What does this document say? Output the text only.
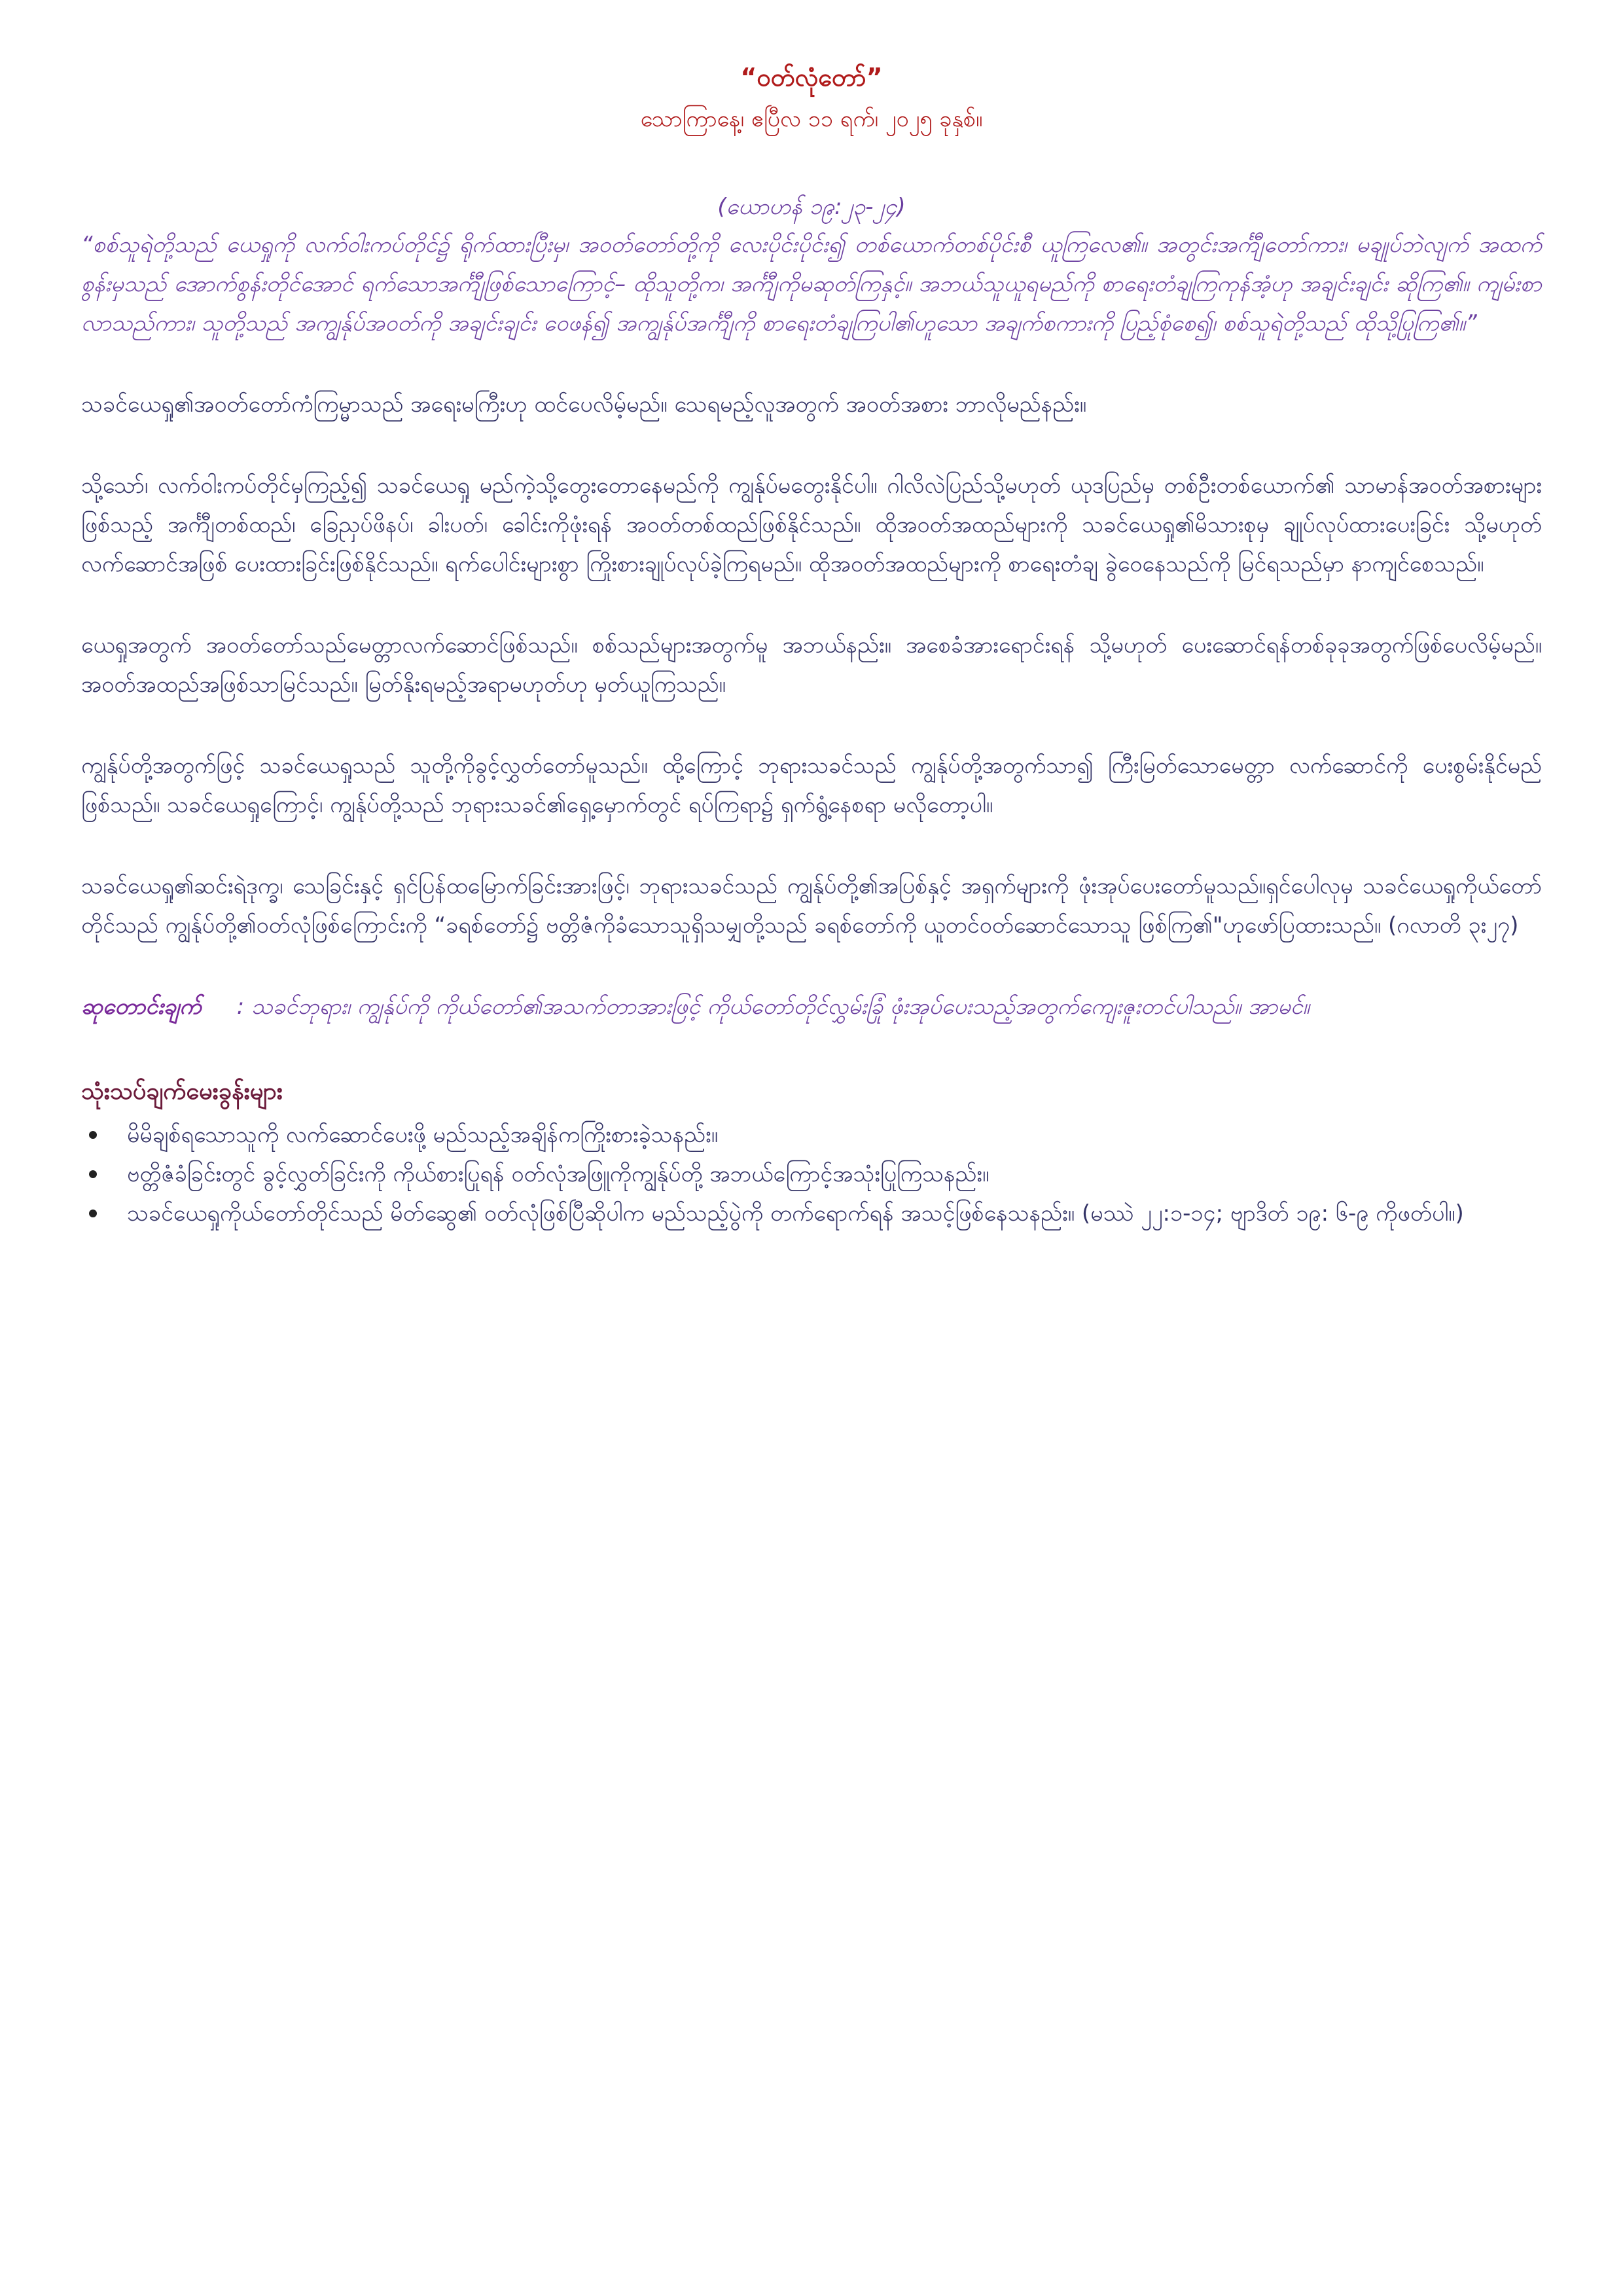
“ဝတ်လုံတော်”

သောကြာနေ့၊ ဧပြီလ ၁၁ ရက်၊ ၂၀၂၅ ခုနှစ်။

(ယောဟန် ၁၉:၂၃-၂၄)

“စစ်သူရဲတို့သည် ယေရှုကို လက်ဝါးကပ်တိုင်၌ ရိုက်ထားပြီးမှ၊ အဝတ်တော်တို့ကို လေးပိုင်းပိုင်း၍ တစ်ယောက်တစ်ပိုင်းစီ ယူကြလေ၏။ အတွင်းအင်္ကျီတော်ကား၊ မချုပ်ဘဲလျက် အထက်စွန်းမှသည် အောက်စွန်းတိုင်အောင် ရက်သောအင်္ကျီဖြစ်သောကြောင့်– ထိုသူတို့က၊ အင်္ကျီကိုမဆုတ်ကြနှင့်။ အဘယ်သူယူရမည်ကို စာရေးတံချကြကုန်အံ့ဟု အချင်းချင်း ဆိုကြ၏။ ကျမ်းစာလာသည်ကား၊ သူတို့သည် အကျွန်ုပ်အဝတ်ကို အချင်းချင်း ဝေဖန်၍ အကျွန်ုပ်အင်္ကျီကို စာရေးတံချကြပါ၏ဟူသော အချက်စကားကို ပြည့်စုံစေ၍၊ စစ်သူရဲတို့သည် ထိုသို့ပြုကြ၏။”

သခင်ယေရှု၏အဝတ်တော်ကံကြမ္မာသည် အရေးမကြီးဟု ထင်ပေလိမ့်မည်။ သေရမည့်လူအတွက် အဝတ်အစား ဘာလိုမည်နည်း။

သို့သော်၊ လက်ဝါးကပ်တိုင်မှကြည့်၍ သခင်ယေရှု မည်ကဲ့သို့တွေးတောနေမည်ကို ကျွန်ုပ်မတွေးနိုင်ပါ။ ဂါလိလဲပြည်သို့မဟုတ် ယုဒပြည်မှ တစ်ဦးတစ်ယောက်၏ သာမာန်အဝတ်အစားများဖြစ်သည့် အင်္ကျီတစ်ထည်၊ ခြေညှပ်ဖိနပ်၊ ခါးပတ်၊ ခေါင်းကိုဖုံးရန် အဝတ်တစ်ထည်ဖြစ်နိုင်သည်။ ထိုအဝတ်အထည်များကို သခင်ယေရှု၏မိသားစုမှ ချုပ်လုပ်ထားပေးခြင်း သို့မဟုတ် လက်ဆောင်အဖြစ် ပေးထားခြင်းဖြစ်နိုင်သည်။ ရက်ပေါင်းများစွာ ကြိုးစားချုပ်လုပ်ခဲ့ကြရမည်။ ထိုအဝတ်အထည်များကို စာရေးတံချ ခွဲဝေနေသည်ကို မြင်ရသည်မှာ နာကျင်စေသည်။

ယေရှုအတွက် အဝတ်တော်သည်မေတ္တာလက်ဆောင်ဖြစ်သည်။ စစ်သည်များအတွက်မူ အဘယ်နည်း။ အစေခံအားရောင်းရန် သို့မဟုတ် ပေးဆောင်ရန်တစ်ခုခုအတွက်ဖြစ်ပေလိမ့်မည်။ အဝတ်အထည်အဖြစ်သာမြင်သည်။ မြတ်နိုးရမည့်အရာမဟုတ်ဟု မှတ်ယူကြသည်။

ကျွန်ုပ်တို့အတွက်ဖြင့် သခင်ယေရှုသည် သူတို့ကိုခွင့်လွှတ်တော်မူသည်။ ထို့ကြောင့် ဘုရားသခင်သည် ကျွန်ုပ်တို့အတွက်သာ၍ ကြီးမြတ်သောမေတ္တာ လက်ဆောင်ကို ပေးစွမ်းနိုင်မည်ဖြစ်သည်။ သခင်ယေရှုကြောင့်၊ ကျွန်ုပ်တို့သည် ဘုရားသခင်၏ရှေ့မှောက်တွင် ရပ်ကြရာ၌ ရှက်ရွံ့နေစရာ မလိုတော့ပါ။

သခင်ယေရှု၏ဆင်းရဲဒုက္ခ၊ သေခြင်းနှင့် ရှင်ပြန်ထမြောက်ခြင်းအားဖြင့်၊ ဘုရားသခင်သည် ကျွန်ုပ်တို့၏အပြစ်နှင့် အရှက်များကို ဖုံးအုပ်ပေးတော်မူသည်။ရှင်ပေါလုမှ သခင်ယေရှုကိုယ်တော်တိုင်သည် ကျွန်ုပ်တို့၏ဝတ်လုံဖြစ်ကြောင်းကို “ခရစ်တော်၌ ဗတ္တိဇံကိုခံသောသူရှိသမျှတို့သည် ခရစ်တော်ကို ယူတင်ဝတ်ဆောင်သောသူ ဖြစ်ကြ၏"ဟုဖော်ပြထားသည်။ (ဂလာတိ ၃း၂၇)

ဆုတောင်းချက် : သခင်ဘုရား၊ ကျွန်ုပ်ကို ကိုယ်တော်၏အသက်တာအားဖြင့် ကိုယ်တော်တိုင်လွှမ်းခြုံ ဖုံးအုပ်ပေးသည့်အတွက်ကျေးဇူးတင်ပါသည်။ အာမင်။

သုံးသပ်ချက်မေးခွန်းများ
မိမိချစ်ရသောသူကို လက်ဆောင်ပေးဖို့ မည်သည့်အချိန်ကကြိုးစားခဲ့သနည်း။
ဗတ္တိဇံခံခြင်းတွင် ခွင့်လွှတ်ခြင်းကို ကိုယ်စားပြုရန် ဝတ်လုံအဖြူကိုကျွန်ုပ်တို့ အဘယ်ကြောင့်အသုံးပြုကြသနည်း။
သခင်ယေရှုကိုယ်တော်တိုင်သည် မိတ်ဆွေ၏ ဝတ်လုံဖြစ်ပြီဆိုပါက မည်သည့်ပွဲကို တက်ရောက်ရန် အသင့်ဖြစ်နေသနည်း။ (မဿဲ ၂၂:၁-၁၄; ဗျာဒိတ် ၁၉: ၆-၉ ကိုဖတ်ပါ။)
